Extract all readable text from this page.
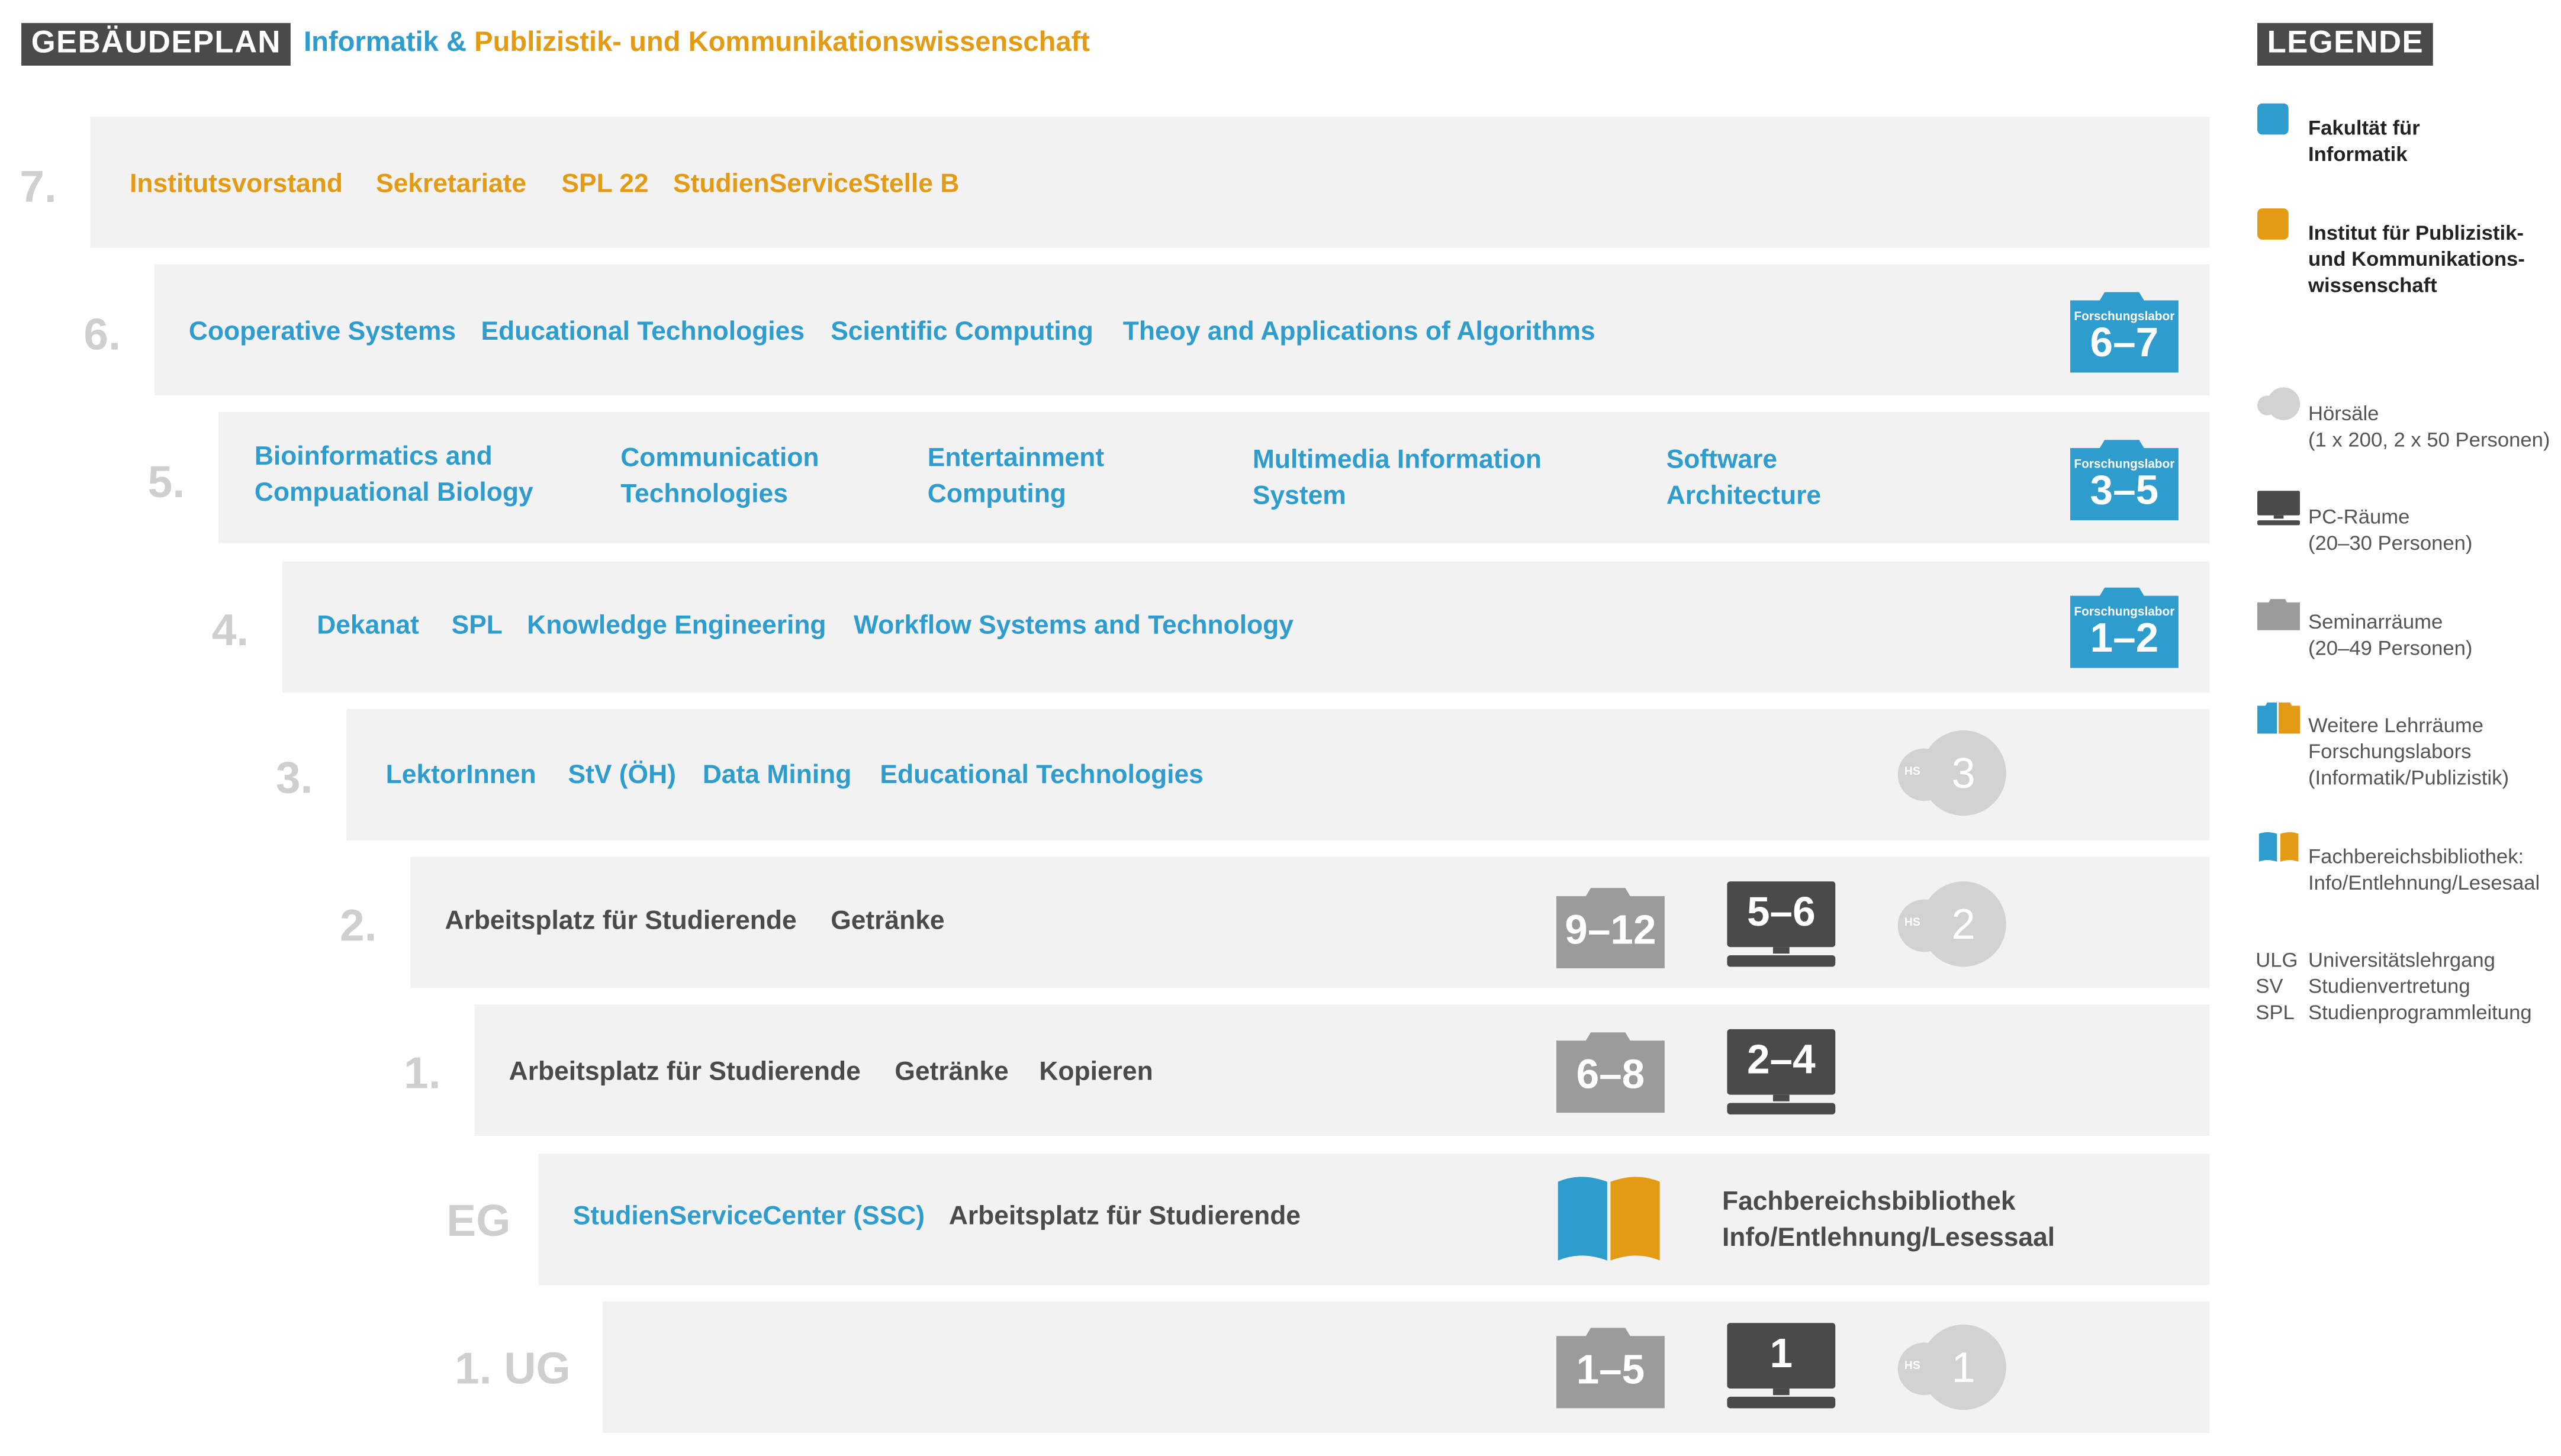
GEBÄUDEPLAN	Informatik & Publizistik- und Kommunikationswissenschaft
7.	Institutsvorstand	Sekretariate	SPL 22	StudienServiceStelle B
6.	Cooperative Systems	Educational Technologies	Scientific Computing	Theoy and Applications of Algorithms
Forschungslabor
6–7
5.
Bioinformatics and
Compuational Biology
Communication
Technologies
Entertainment
Computing
Multimedia Information
System
Software
Architecture
Forschungslabor
3–5
4.	Dekanat	SPL	Knowledge Engineering	Workflow Systems and Technology
Forschungslabor
1–2
3.	LektorInnen	StV (ÖH)	Data Mining	Educational Technologies	HS	3
2.	Arbeitsplatz für Studierende	Getränke	9–12	5–6	HS	2
1.	Arbeitsplatz für Studierende	Getränke	Kopieren	6–8	2–4
EG	StudienServiceCenter (SSC)	Arbeitsplatz für Studierende
Fachbereichsbibliothek
Info/Entlehnung/Lesessaal
1. UG	1–5	1	HS	1
LEGENDE
Fakultät für
Informatik
Institut für Publizistik-
und Kommunikations-
wissenschaft
Hörsäle
(1 x 200, 2 x 50 Personen)
PC-Räume
(20–30 Personen)
Seminarräume
(20–49 Personen)
Weitere Lehrräume
Forschungslabors
(Informatik/Publizistik)
Fachbereichsbibliothek:
Info/Entlehnung/Lesesaal
ULG Universitätslehrgang
SV	Studienvertretung
SPL Studienprogrammleitung
